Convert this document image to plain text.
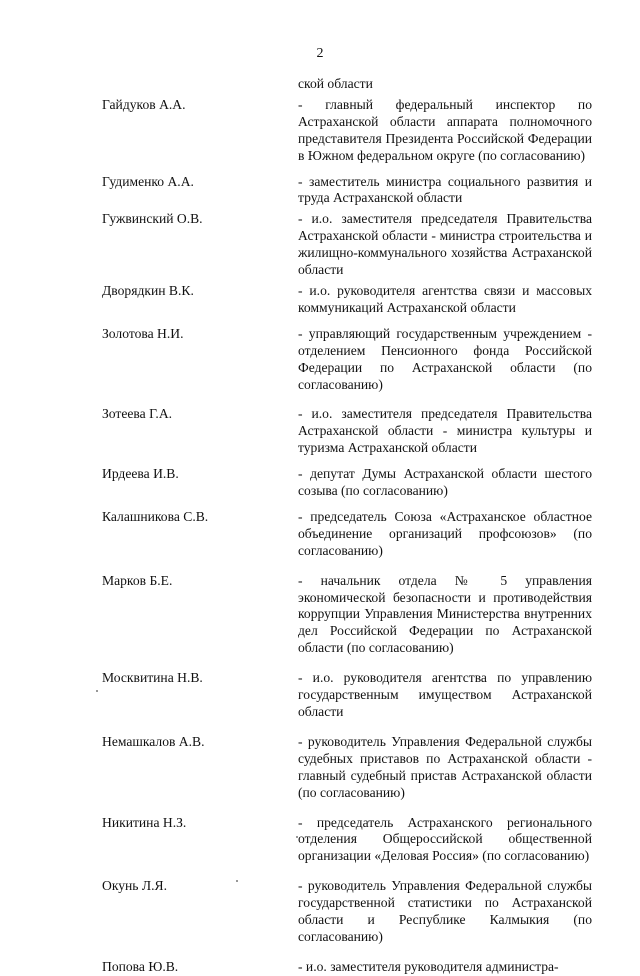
2
ской области
Гайдуков А.А.	- главный федеральный инспектор по Астраханской области аппарата полномочного представителя Президента Российской Федерации в Южном федеральном округе (по согласованию)
Гудименко А.А.	- заместитель министра социального развития и труда Астраханской области
Гужвинский О.В.	- и.о. заместителя председателя Правительства Астраханской области - министра строительства и жилищно-коммунального хозяйства Астраханской области
Дворядкин В.К.	- и.о. руководителя агентства связи и массовых коммуникаций Астраханской области
Золотова Н.И.	- управляющий государственным учреждением - отделением Пенсионного фонда Российской Федерации по Астраханской области (по согласованию)
Зотеева Г.А.	- и.о. заместителя председателя Правительства Астраханской области - министра культуры и туризма Астраханской области
Ирдеева И.В.	- депутат Думы Астраханской области шестого созыва (по согласованию)
Калашникова С.В.	- председатель Союза «Астраханское областное объединение организаций профсоюзов» (по согласованию)
Марков Б.Е.	- начальник отдела № 5 управления экономической безопасности и противодействия коррупции Управления Министерства внутренних дел Российской Федерации по Астраханской области (по согласованию)
Москвитина Н.В.	- и.о. руководителя агентства по управлению государственным имуществом Астраханской области
Немашкалов А.В.	- руководитель Управления Федеральной службы судебных приставов по Астраханской области - главный судебный пристав Астраханской области (по согласованию)
Никитина Н.З.	- председатель Астраханского регионального отделения Общероссийской общественной организации «Деловая Россия» (по согласованию)
Окунь Л.Я.	- руководитель Управления Федеральной службы государственной статистики по Астраханской области и Республике Калмыкия (по согласованию)
Попова Ю.В.	- и.о. заместителя руководителя администра-
